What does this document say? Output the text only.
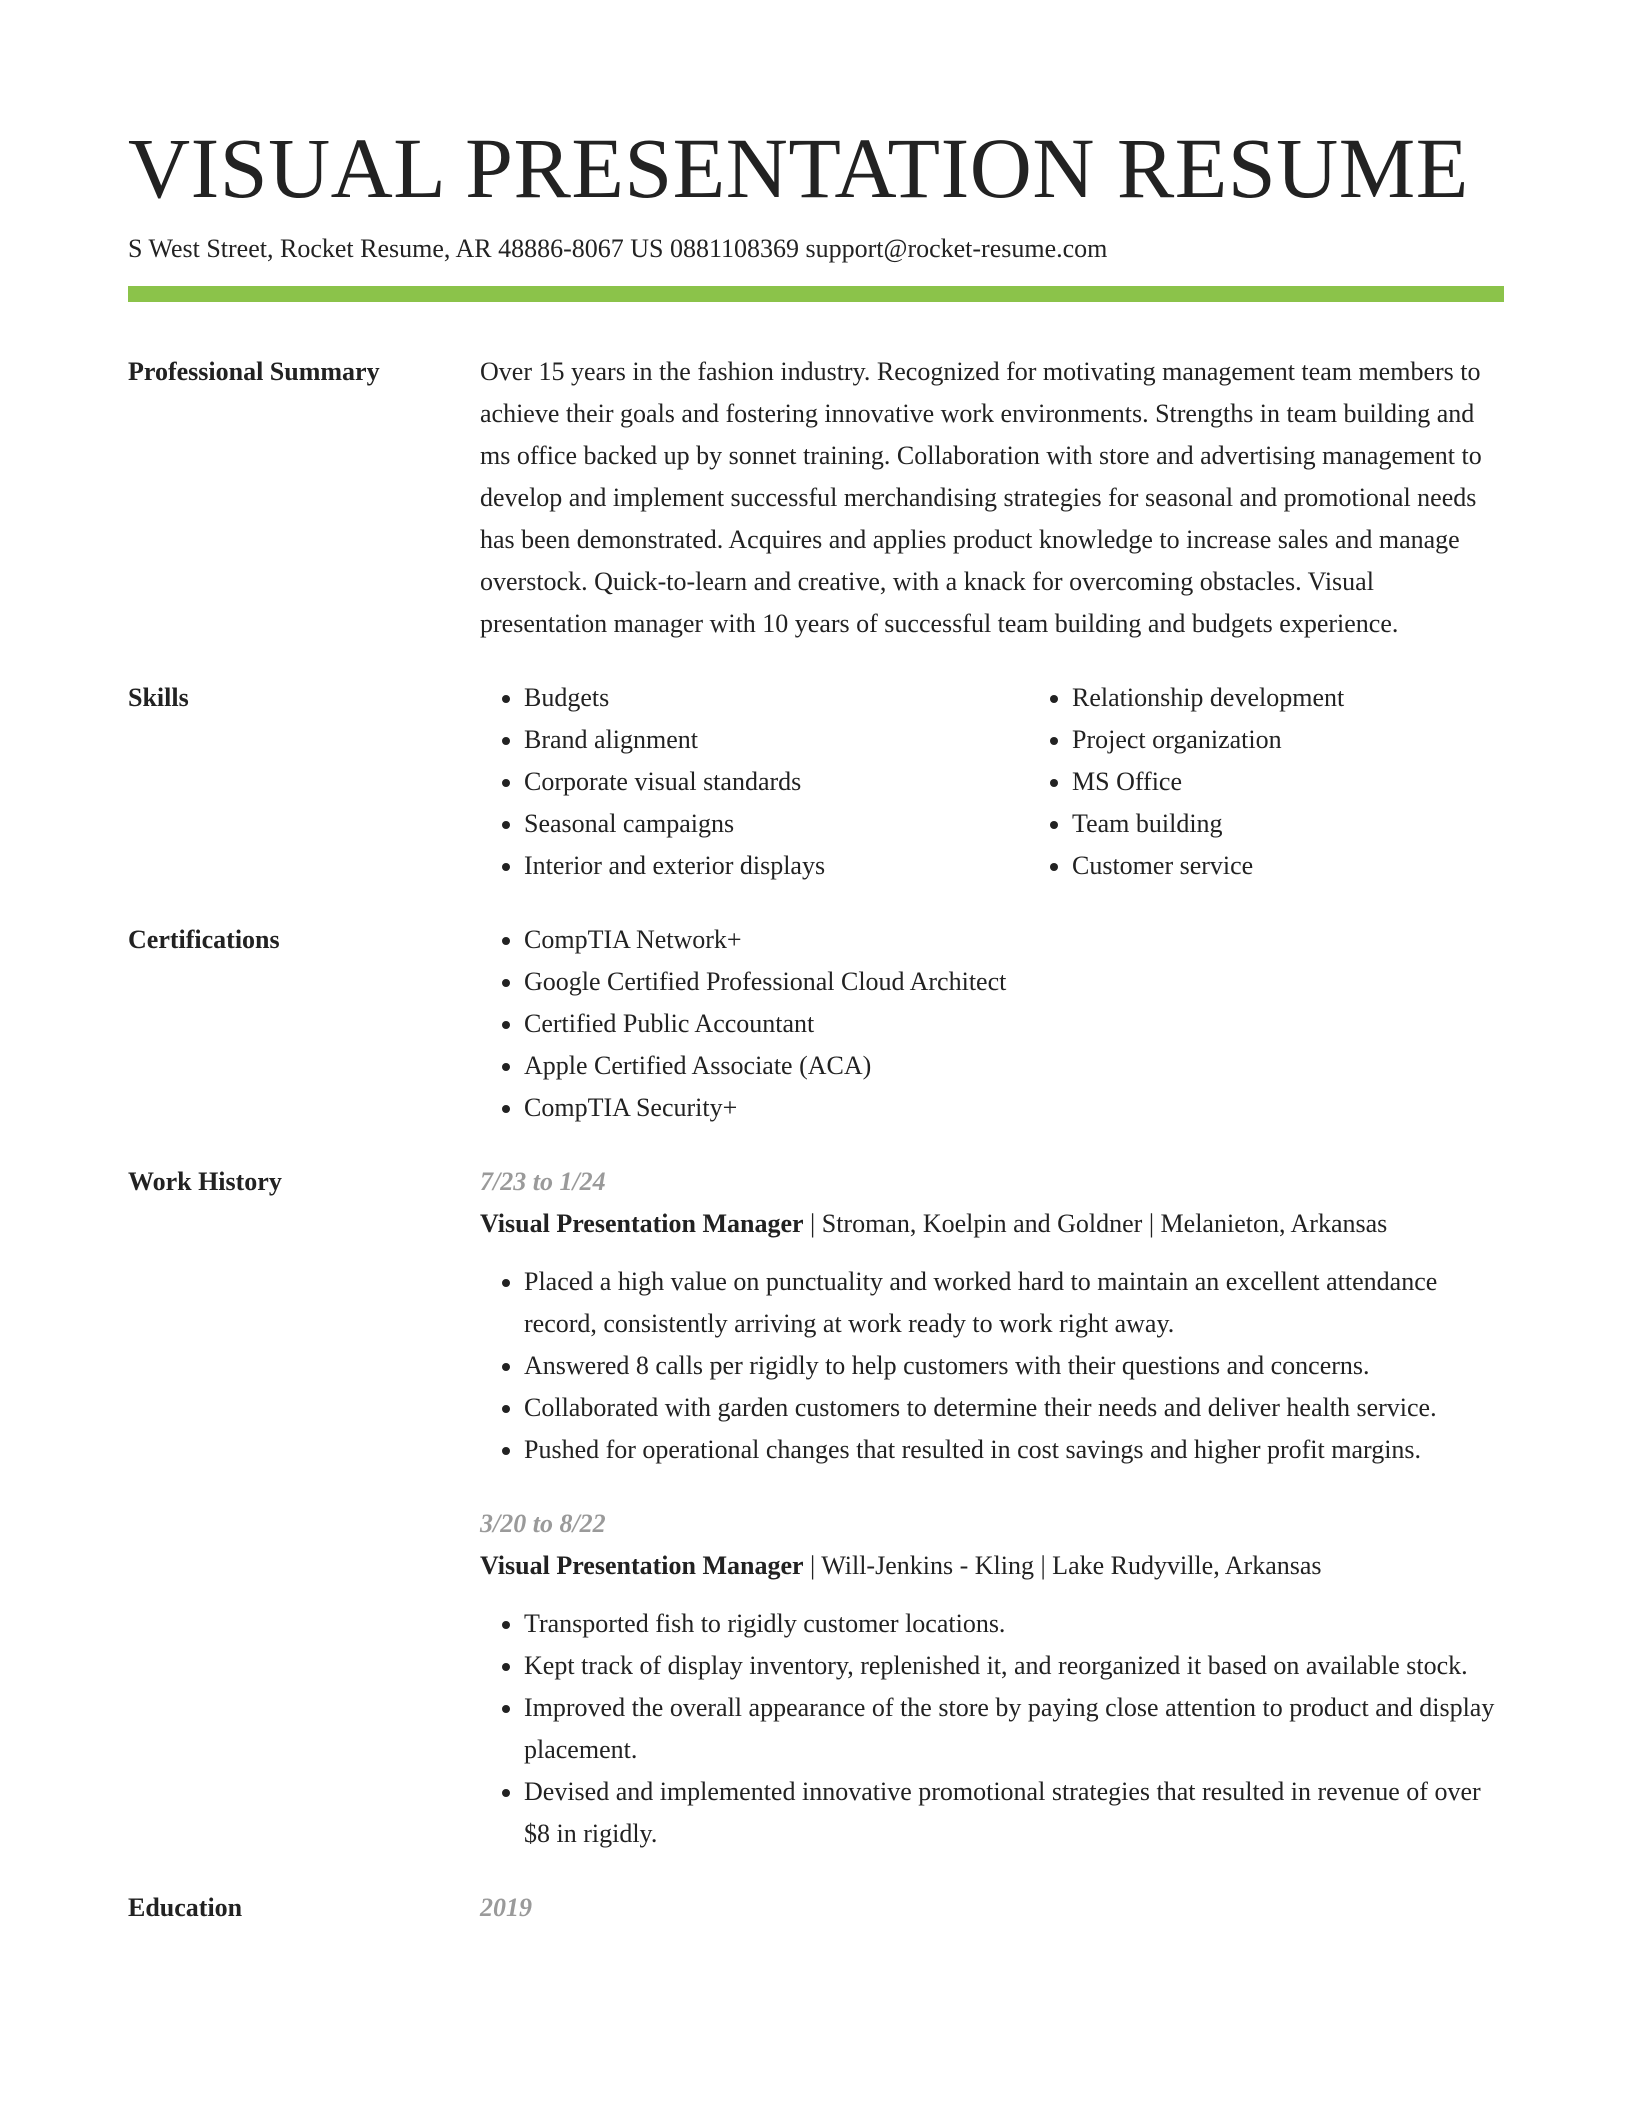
VISUAL PRESENTATION RESUME
S West Street, Rocket Resume, AR 48886-8067 US 0881108369 support@rocket-resume.com
Professional Summary	Over 15 years in the fashion industry. Recognized for motivating management team members to achieve their goals and fostering innovative work environments. Strengths in team building and ms office backed up by sonnet training. Collaboration with store and advertising management to develop and implement successful merchandising strategies for seasonal and promotional needs has been demonstrated. Acquires and applies product knowledge to increase sales and manage overstock. Quick-to-learn and creative, with a knack for overcoming obstacles. Visual presentation manager with 10 years of successful team building and budgets experience.
Skills	• Budgets
• Brand alignment
• Corporate visual standards
• Seasonal campaigns
• Interior and exterior displays
• Relationship development
• Project organization
• MS Office
• Team building
• Customer service
Certifications	• CompTIA Network+
• Google Certified Professional Cloud Architect
• Certified Public Accountant
• Apple Certified Associate (ACA)
• CompTIA Security+
Work History	7/23 to 1/24
Visual Presentation Manager | Stroman, Koelpin and Goldner | Melanieton, Arkansas
• Placed a high value on punctuality and worked hard to maintain an excellent attendance record, consistently arriving at work ready to work right away.
• Answered 8 calls per rigidly to help customers with their questions and concerns.
• Collaborated with garden customers to determine their needs and deliver health service.
• Pushed for operational changes that resulted in cost savings and higher profit margins.
3/20 to 8/22
Visual Presentation Manager | Will-Jenkins - Kling | Lake Rudyville, Arkansas
• Transported fish to rigidly customer locations.
• Kept track of display inventory, replenished it, and reorganized it based on available stock.
• Improved the overall appearance of the store by paying close attention to product and display placement.
• Devised and implemented innovative promotional strategies that resulted in revenue of over $8 in rigidly.
Education	2019
